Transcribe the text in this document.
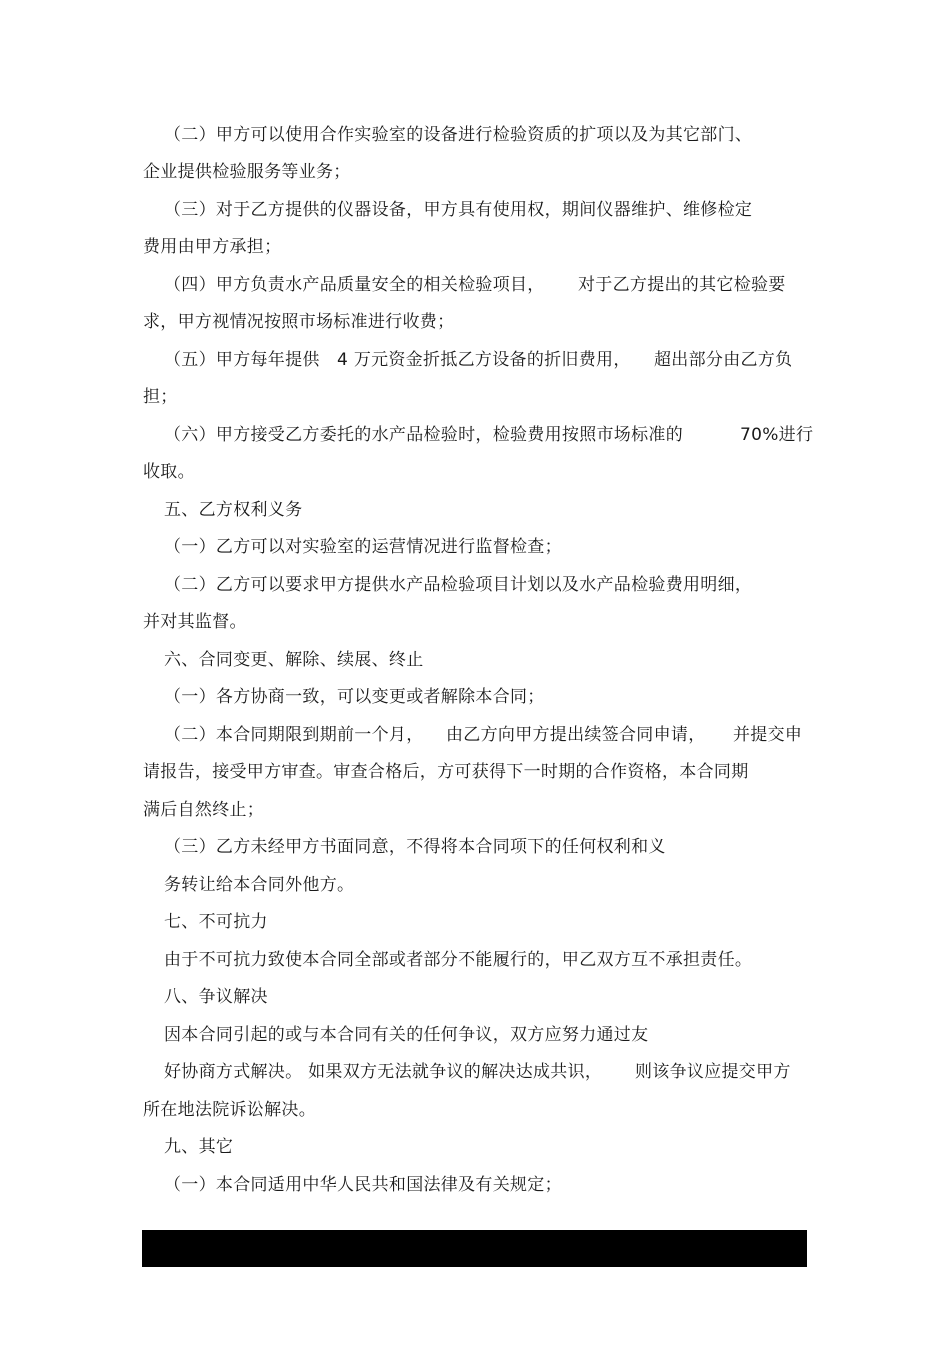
（二）甲方可以使用合作实验室的设备进行检验资质的扩项以及为其它部门、
企业提供检验服务等业务；
（三）对于乙方提供的仪器设备，甲方具有使用权，期间仪器维护、维修检定
费用由甲方承担；
（四）甲方负责水产品质量安全的相关检验项目， 对于乙方提出的其它检验要
求，甲方视情况按照市场标准进行收费；
（五）甲方每年提供 4 万元资金折抵乙方设备的折旧费用， 超出部分由乙方负
担；
（六）甲方接受乙方委托的水产品检验时，检验费用按照市场标准的	70%进行
收取。
五、乙方权利义务
（一）乙方可以对实验室的运营情况进行监督检查；
（二）乙方可以要求甲方提供水产品检验项目计划以及水产品检验费用明细，
并对其监督。
六、合同变更、解除、续展、终止
（一）各方协商一致，可以变更或者解除本合同；
（二）本合同期限到期前一个月， 由乙方向甲方提出续签合同申请， 并提交申
请报告，接受甲方审查。审查合格后，方可获得下一时期的合作资格，本合同期
满后自然终止；
（三）乙方未经甲方书面同意，不得将本合同项下的任何权利和义
务转让给本合同外他方。
七、不可抗力
由于不可抗力致使本合同全部或者部分不能履行的，甲乙双方互不承担责任。
八、争议解决
因本合同引起的或与本合同有关的任何争议，双方应努力通过友
好协商方式解决。 如果双方无法就争议的解决达成共识， 则该争议应提交甲方
所在地法院诉讼解决。
九、其它
（一）本合同适用中华人民共和国法律及有关规定；
